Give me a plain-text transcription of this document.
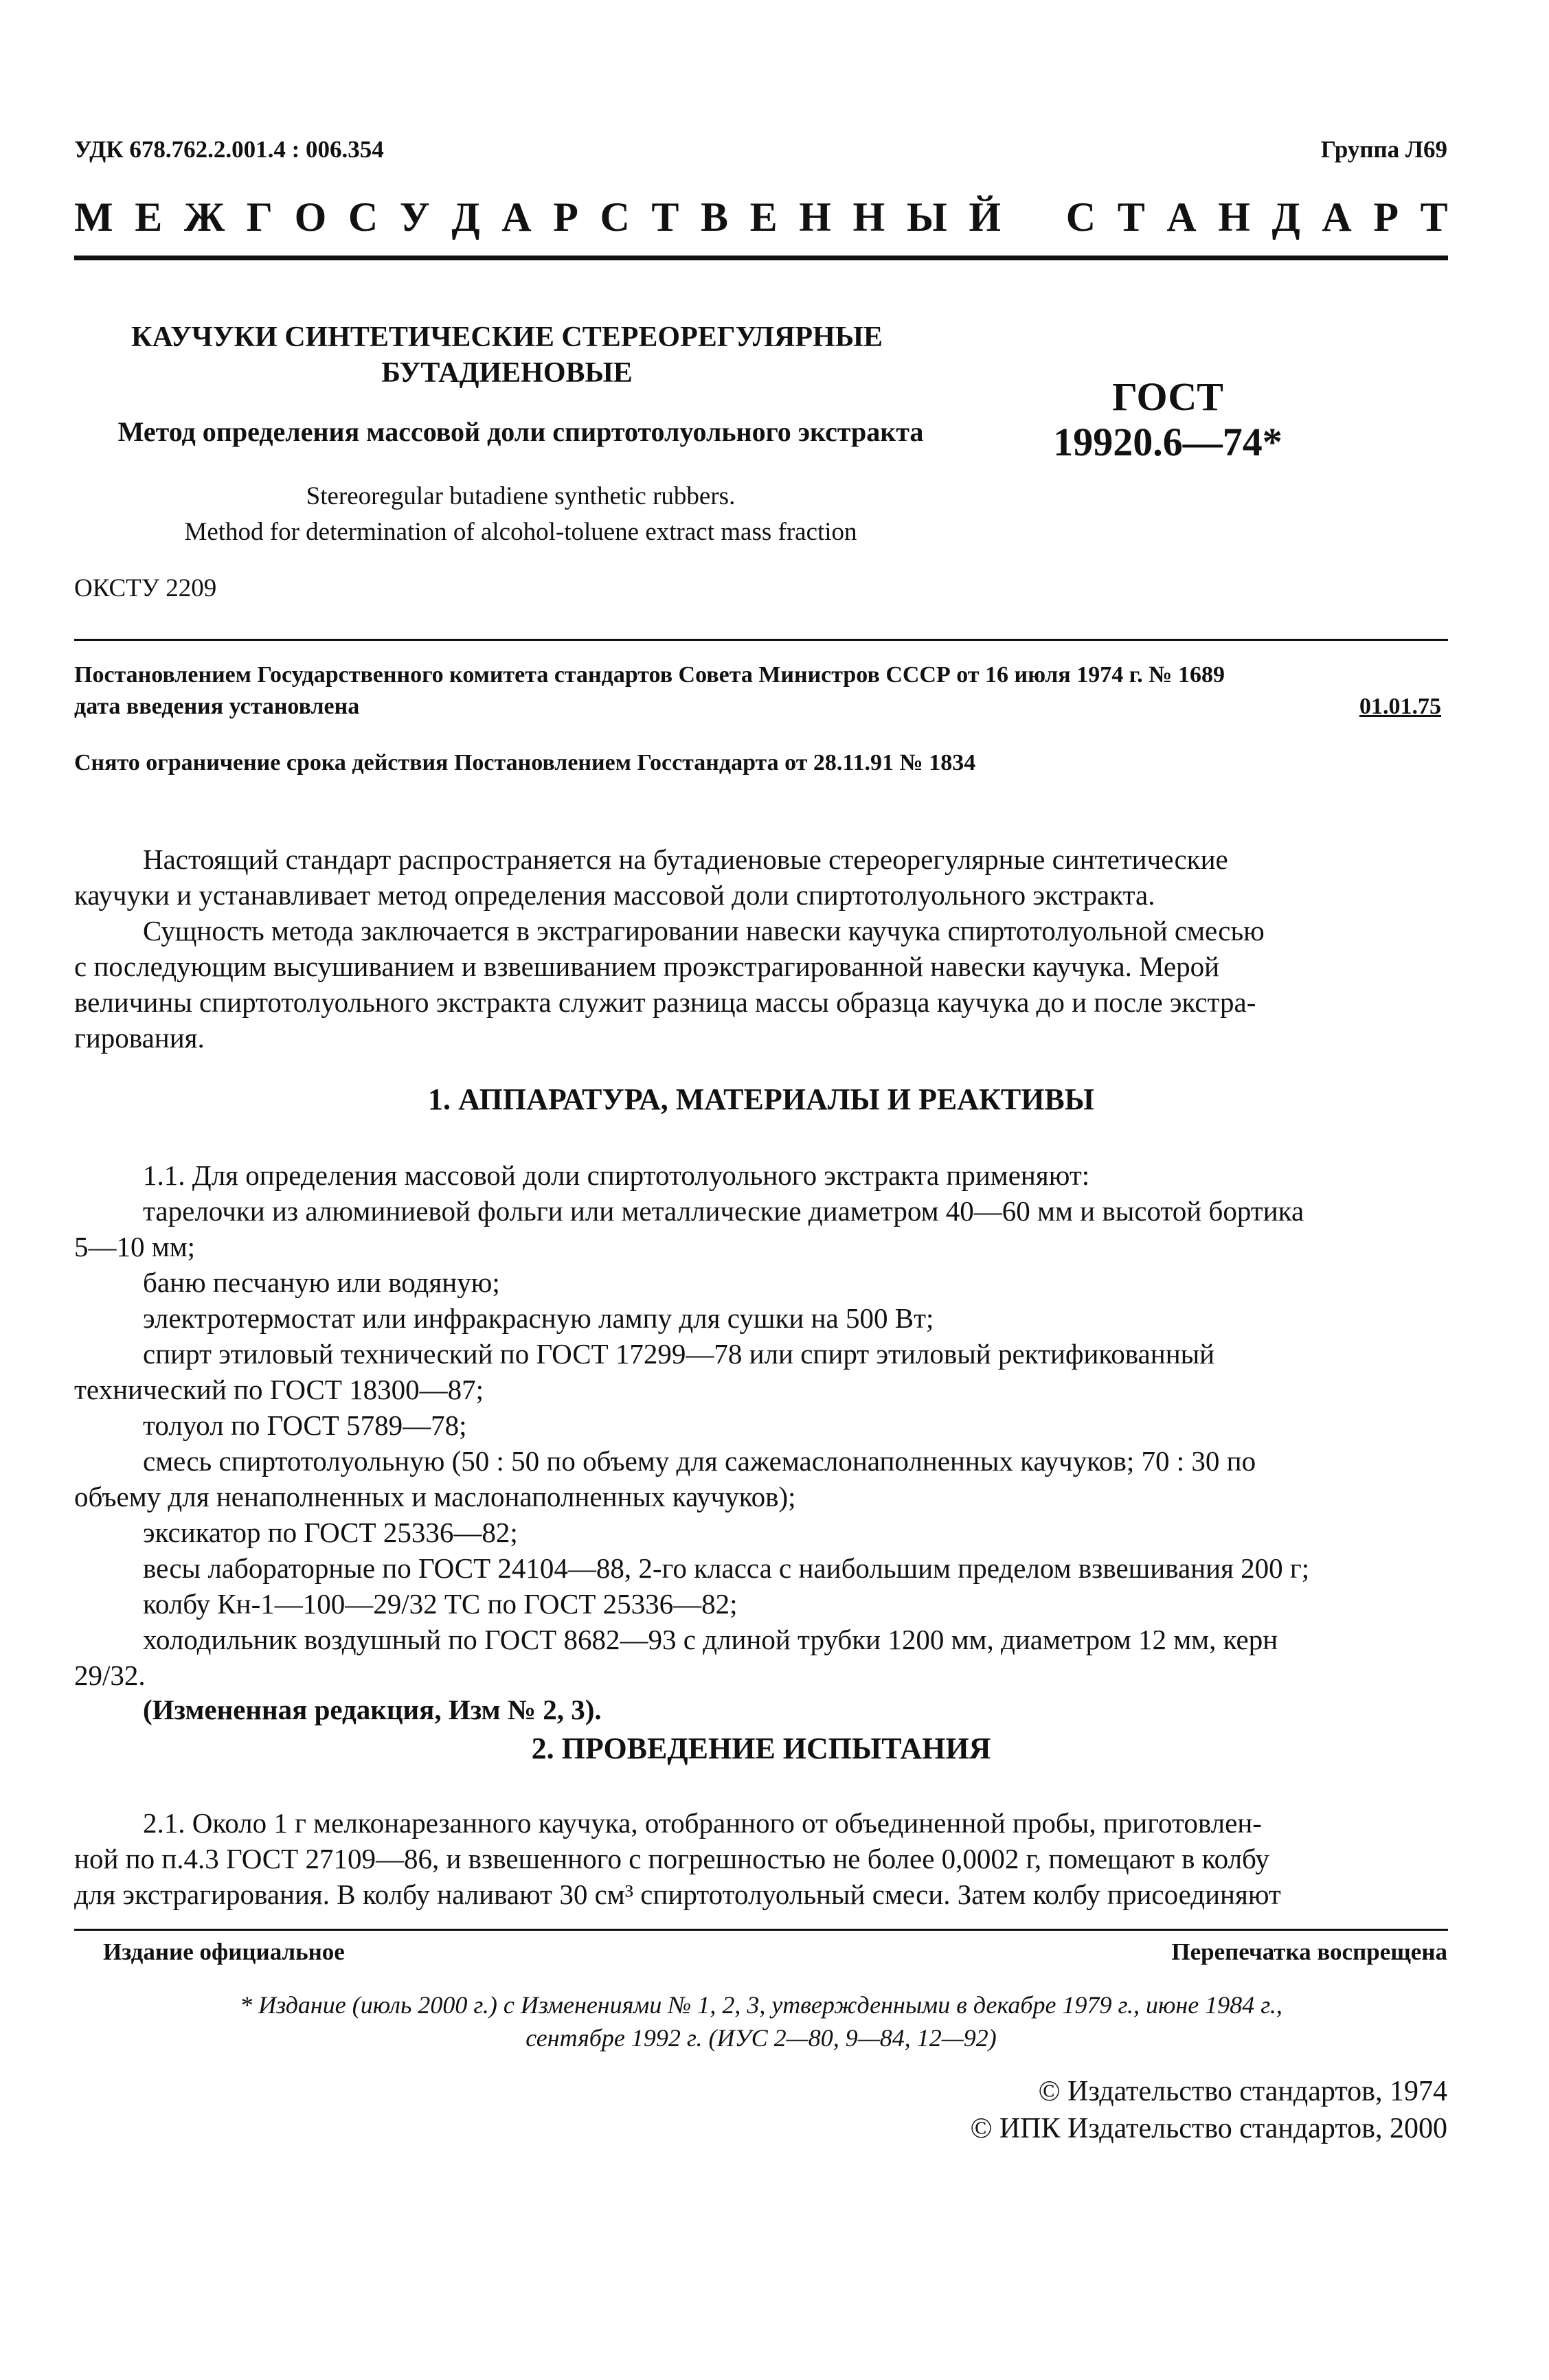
УДК 678.762.2.001.4 : 006.354	Группа Л69
М Е Ж Г О С У Д А Р С Т В Е Н Н Ы Й С Т А Н Д А Р Т
КАУЧУКИ СИНТЕТИЧЕСКИЕ СТЕРЕОРЕГУЛЯРНЫЕ
БУТАДИЕНОВЫЕ
Метод определения массовой доли спиртотолуольного экстракта
ГОСТ
19920.6—74*
Stereoregular butadiene synthetic rubbers.
Method for determination of alcohol-toluene extract mass fraction
ОКСТУ 2209
Постановлением Государственного комитета стандартов Совета Министров СССР от 16 июля 1974 г. № 1689
дата введения установлена	01.01.75
Снято ограничение срока действия Постановлением Госстандарта от 28.11.91 № 1834
Настоящий стандарт распространяется на бутадиеновые стереорегулярные синтетические
каучуки и устанавливает метод определения массовой доли спиртотолуольного экстракта.
Сущность метода заключается в экстрагировании навески каучука спиртотолуольной смесью
с последующим высушиванием и взвешиванием проэкстрагированной навески каучука. Мерой
величины спиртотолуольного экстракта служит разница массы образца каучука до и после экстра-
гирования.
1. АППАРАТУРА, МАТЕРИАЛЫ И РЕАКТИВЫ
1.1. Для определения массовой доли спиртотолуольного экстракта применяют:
тарелочки из алюминиевой фольги или металлические диаметром 40—60 мм и высотой бортика
5—10 мм;
баню песчаную или водяную;
электротермостат или инфракрасную лампу для сушки на 500 Вт;
спирт этиловый технический по ГОСТ 17299—78 или спирт этиловый ректификованный
технический по ГОСТ 18300—87;
толуол по ГОСТ 5789—78;
смесь спиртотолуольную (50 : 50 по объему для сажемаслонаполненных каучуков; 70 : 30 по
объему для ненаполненных и маслонаполненных каучуков);
эксикатор по ГОСТ 25336—82;
весы лабораторные по ГОСТ 24104—88, 2-го класса с наибольшим пределом взвешивания 200 г;
колбу Кн-1—100—29/32 ТС по ГОСТ 25336—82;
холодильник воздушный по ГОСТ 8682—93 с длиной трубки 1200 мм, диаметром 12 мм, керн
29/32.
(Измененная редакция, Изм № 2, 3).
2. ПРОВЕДЕНИЕ ИСПЫТАНИЯ
2.1. Около 1 г мелконарезанного каучука, отобранного от объединенной пробы, приготовлен-
ной по п.4.3 ГОСТ 27109—86, и взвешенного с погрешностью не более 0,0002 г, помещают в колбу
для экстрагирования. В колбу наливают 30 см³ спиртотолуольный смеси. Затем колбу присоединяют
Издание официальное	Перепечатка воспрещена
* Издание (июль 2000 г.) с Изменениями № 1, 2, 3, утвержденными в декабре 1979 г., июне 1984 г.,
сентябре 1992 г. (ИУС 2—80, 9—84, 12—92)
© Издательство стандартов, 1974
© ИПК Издательство стандартов, 2000
